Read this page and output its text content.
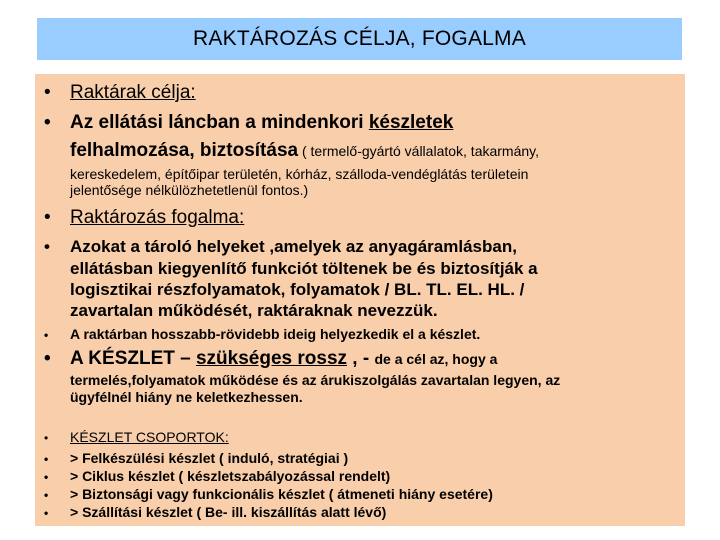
RAKTÁROZÁS CÉLJA, FOGALMA
• Raktárak célja:
• Az ellátási láncban a mindenkori készletek
felhalmozása, biztosítása ( termelő-gyártó vállalatok, takarmány,
kereskedelem, építőipar területén, kórház, szálloda-vendéglátás területein
jelentősége nélkülözhetetlenül fontos.)
• Raktározás fogalma:
• Azokat a tároló helyeket ,amelyek az anyagáramlásban,
ellátásban kiegyenlítő funkciót töltenek be és biztosítják a
logisztikai részfolyamatok, folyamatok / BL. TL. EL. HL. /
zavartalan működését, raktáraknak nevezzük.
• A raktárban hosszabb-rövidebb ideig helyezkedik el a készlet.
• A KÉSZLET – szükséges rossz , - de a cél az, hogy a
termelés,folyamatok működése és az árukiszolgálás zavartalan legyen, az
ügyfélnél hiány ne keletkezhessen.
• KÉSZLET CSOPORTOK:
• > Felkészülési készlet ( induló, stratégiai )
• > Ciklus készlet ( készletszabályozással rendelt)
• > Biztonsági vagy funkcionális készlet ( átmeneti hiány esetére)
• > Szállítási készlet ( Be- ill. kiszállítás alatt lévő)
